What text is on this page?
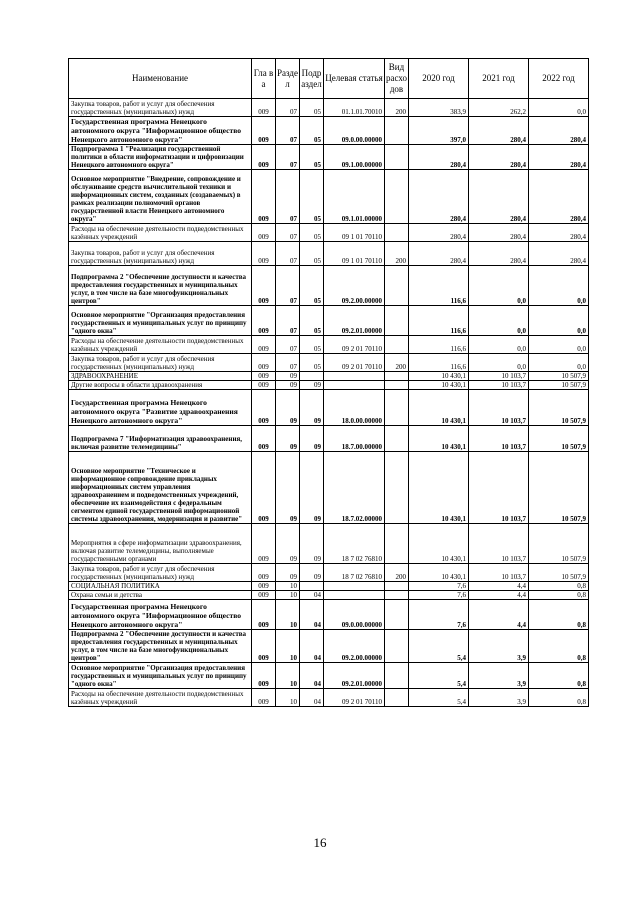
Наименование	Гла в а	Разде л	Подр аздел	Целевая статья	Вид расхо дов	2020 год	2021 год	2022 год
Закупка товаров, работ и услуг для обеспечения государственных (муниципальных) нужд	009	07	05	01.1.01.70010	200	383,9	262,2	0,0
Государственная программа Ненецкого автономного округа "Информационное общество Ненецкого автономного округа"	009	07	05	09.0.00.00000		397,0	280,4	280,4
Подпрограмма 1 "Реализация государственной политики в области информатизации и цифровизации Ненецкого автономного округа"	009	07	05	09.1.00.00000		280,4	280,4	280,4
Основное мероприятие "Внедрение, сопровождение и обслуживание средств вычислительной техники и информационных систем, созданных (создаваемых) в рамках реализации полномочий органов государственной власти Ненецкого автономного округа"	009	07	05	09.1.01.00000		280,4	280,4	280,4
Расходы на обеспечение деятельности подведомственных казённых учреждений	009	07	05	09 1 01 70110		280,4	280,4	280,4
Закупка товаров, работ и услуг для обеспечения государственных (муниципальных) нужд	009	07	05	09 1 01 70110	200	280,4	280,4	280,4
Подпрограмма 2 "Обеспечение доступности и качества предоставления государственных и муниципальных услуг, в том числе на базе многофункциональных центров"	009	07	05	09.2.00.00000		116,6	0,0	0,0
Основное мероприятие "Организация предоставления государственных и муниципальных услуг по принципу "одного окна"	009	07	05	09.2.01.00000		116,6	0,0	0,0
Расходы на обеспечение деятельности подведомственных казённых учреждений	009	07	05	09 2 01 70110		116,6	0,0	0,0
Закупка товаров, работ и услуг для обеспечения государственных (муниципальных) нужд	009	07	05	09 2 01 70110	200	116,6	0,0	0,0
ЗДРАВООХРАНЕНИЕ	009	09				10 430,1	10 103,7	10 507,9
Другие вопросы в области здравоохранения	009	09	09			10 430,1	10 103,7	10 507,9
Государственная программа Ненецкого автономного округа "Развитие здравоохранения Ненецкого автономного округа"	009	09	09	18.0.00.00000		10 430,1	10 103,7	10 507,9
Подпрограмма 7 "Информатизация здравоохранения, включая развитие телемедицины"	009	09	09	18.7.00.00000		10 430,1	10 103,7	10 507,9
Основное мероприятие "Техническое и информационное сопровождение прикладных информационных систем управления здравоохранением и подведомственных учреждений, обеспечение их взаимодействия с федеральным сегментом единой государственной информационной системы здравоохранения, модернизация и развитие"	009	09	09	18.7.02.00000		10 430,1	10 103,7	10 507,9
Мероприятия в сфере информатизации здравоохранения, включая развитие телемедицины, выполняемые государственными органами	009	09	09	18 7 02 76810		10 430,1	10 103,7	10 507,9
Закупка товаров, работ и услуг для обеспечения государственных (муниципальных) нужд	009	09	09	18 7 02 76810	200	10 430,1	10 103,7	10 507,9
СОЦИАЛЬНАЯ ПОЛИТИКА	009	10				7,6	4,4	0,8
Охрана семьи и детства	009	10	04			7,6	4,4	0,8
Государственная программа Ненецкого автономного округа "Информационное общество Ненецкого автономного округа"	009	10	04	09.0.00.00000		7,6	4,4	0,8
Подпрограмма 2 "Обеспечение доступности и качества предоставления государственных и муниципальных услуг, в том числе на базе многофункциональных центров"	009	10	04	09.2.00.00000		5,4	3,9	0,8
Основное мероприятие "Организация предоставления государственных и муниципальных услуг по принципу "одного окна"	009	10	04	09.2.01.00000		5,4	3,9	0,8
Расходы на обеспечение деятельности подведомственных казённых учреждений	009	10	04	09 2 01 70110		5,4	3,9	0,8
16
